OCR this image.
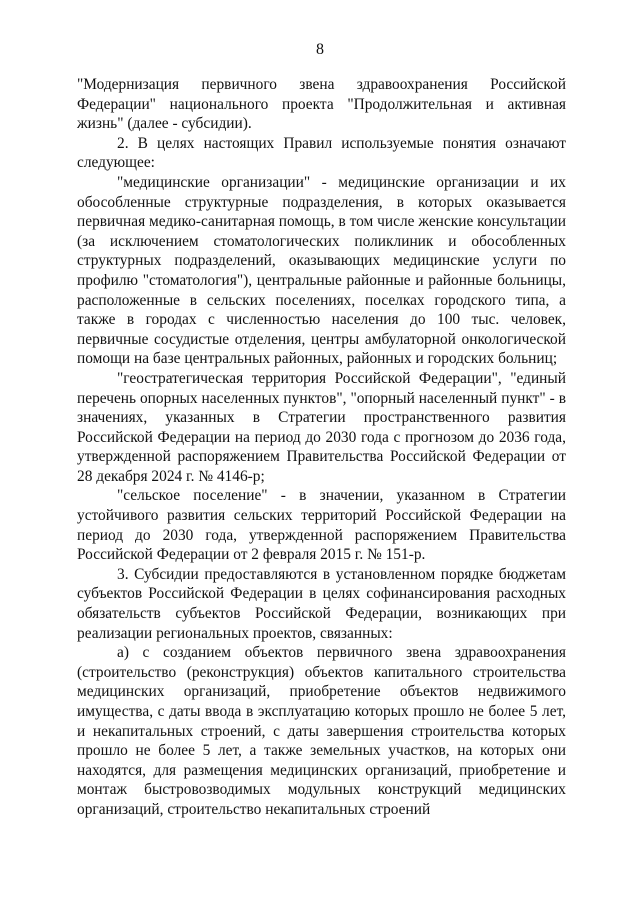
8

"Модернизация первичного звена здравоохранения Российской Федерации" национального проекта "Продолжительная и активная жизнь" (далее - субсидии).

2. В целях настоящих Правил используемые понятия означают следующее:

"медицинские организации" - медицинские организации и их обособленные структурные подразделения, в которых оказывается первичная медико-санитарная помощь, в том числе женские консультации (за исключением стоматологических поликлиник и обособленных структурных подразделений, оказывающих медицинские услуги по профилю "стоматология"), центральные районные и районные больницы, расположенные в сельских поселениях, поселках городского типа, а также в городах с численностью населения до 100 тыс. человек, первичные сосудистые отделения, центры амбулаторной онкологической помощи на базе центральных районных, районных и городских больниц;

"геостратегическая территория Российской Федерации", "единый перечень опорных населенных пунктов", "опорный населенный пункт" - в значениях, указанных в Стратегии пространственного развития Российской Федерации на период до 2030 года с прогнозом до 2036 года, утвержденной распоряжением Правительства Российской Федерации от 28 декабря 2024 г. № 4146-р;

"сельское поселение" - в значении, указанном в Стратегии устойчивого развития сельских территорий Российской Федерации на период до 2030 года, утвержденной распоряжением Правительства Российской Федерации от 2 февраля 2015 г. № 151-р.

3. Субсидии предоставляются в установленном порядке бюджетам субъектов Российской Федерации в целях софинансирования расходных обязательств субъектов Российской Федерации, возникающих при реализации региональных проектов, связанных:

а) с созданием объектов первичного звена здравоохранения (строительство (реконструкция) объектов капитального строительства медицинских организаций, приобретение объектов недвижимого имущества, с даты ввода в эксплуатацию которых прошло не более 5 лет, и некапитальных строений, с даты завершения строительства которых прошло не более 5 лет, а также земельных участков, на которых они находятся, для размещения медицинских организаций, приобретение и монтаж быстровозводимых модульных конструкций медицинских организаций, строительство некапитальных строений
